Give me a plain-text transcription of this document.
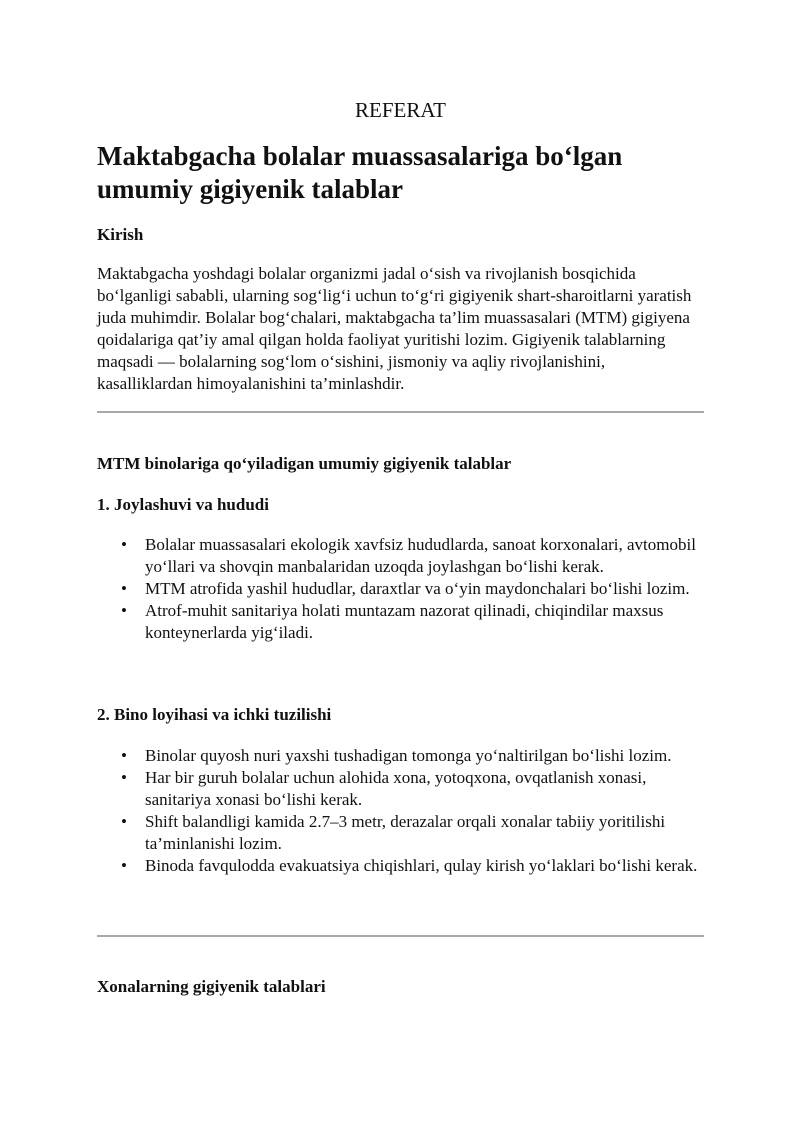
REFERAT
Maktabgacha bolalar muassasalariga bo‘lgan umumiy gigiyenik talablar
Kirish

Maktabgacha yoshdagi bolalar organizmi jadal o‘sish va rivojlanish bosqichida bo‘lganligi sababli, ularning sog‘lig‘i uchun to‘g‘ri gigiyenik shart-sharoitlarni yaratish juda muhimdir. Bolalar bog‘chalari, maktabgacha ta’lim muassasalari (MTM) gigiyena qoidalariga qat’iy amal qilgan holda faoliyat yuritishi lozim. Gigiyenik talablarning maqsadi — bolalarning sog‘lom o‘sishini, jismoniy va aqliy rivojlanishini, kasalliklardan himoyalanishini ta’minlashdir.

MTM binolariga qo‘yiladigan umumiy gigiyenik talablar
1. Joylashuvi va hududi
• Bolalar muassasalari ekologik xavfsiz hududlarda, sanoat korxonalari, avtomobil yo‘llari va shovqin manbalaridan uzoqda joylashgan bo‘lishi kerak.
• MTM atrofida yashil hududlar, daraxtlar va o‘yin maydonchalari bo‘lishi lozim.
• Atrof-muhit sanitariya holati muntazam nazorat qilinadi, chiqindilar maxsus konteynerlarda yig‘iladi.
2. Bino loyihasi va ichki tuzilishi
• Binolar quyosh nuri yaxshi tushadigan tomonga yo‘naltirilgan bo‘lishi lozim.
• Har bir guruh bolalar uchun alohida xona, yotoqxona, ovqatlanish xonasi, sanitariya xonasi bo‘lishi kerak.
• Shift balandligi kamida 2.7–3 metr, derazalar orqali xonalar tabiiy yoritilishi ta’minlanishi lozim.
• Binoda favqulodda evakuatsiya chiqishlari, qulay kirish yo‘laklari bo‘lishi kerak.
Xonalarning gigiyenik talablari
